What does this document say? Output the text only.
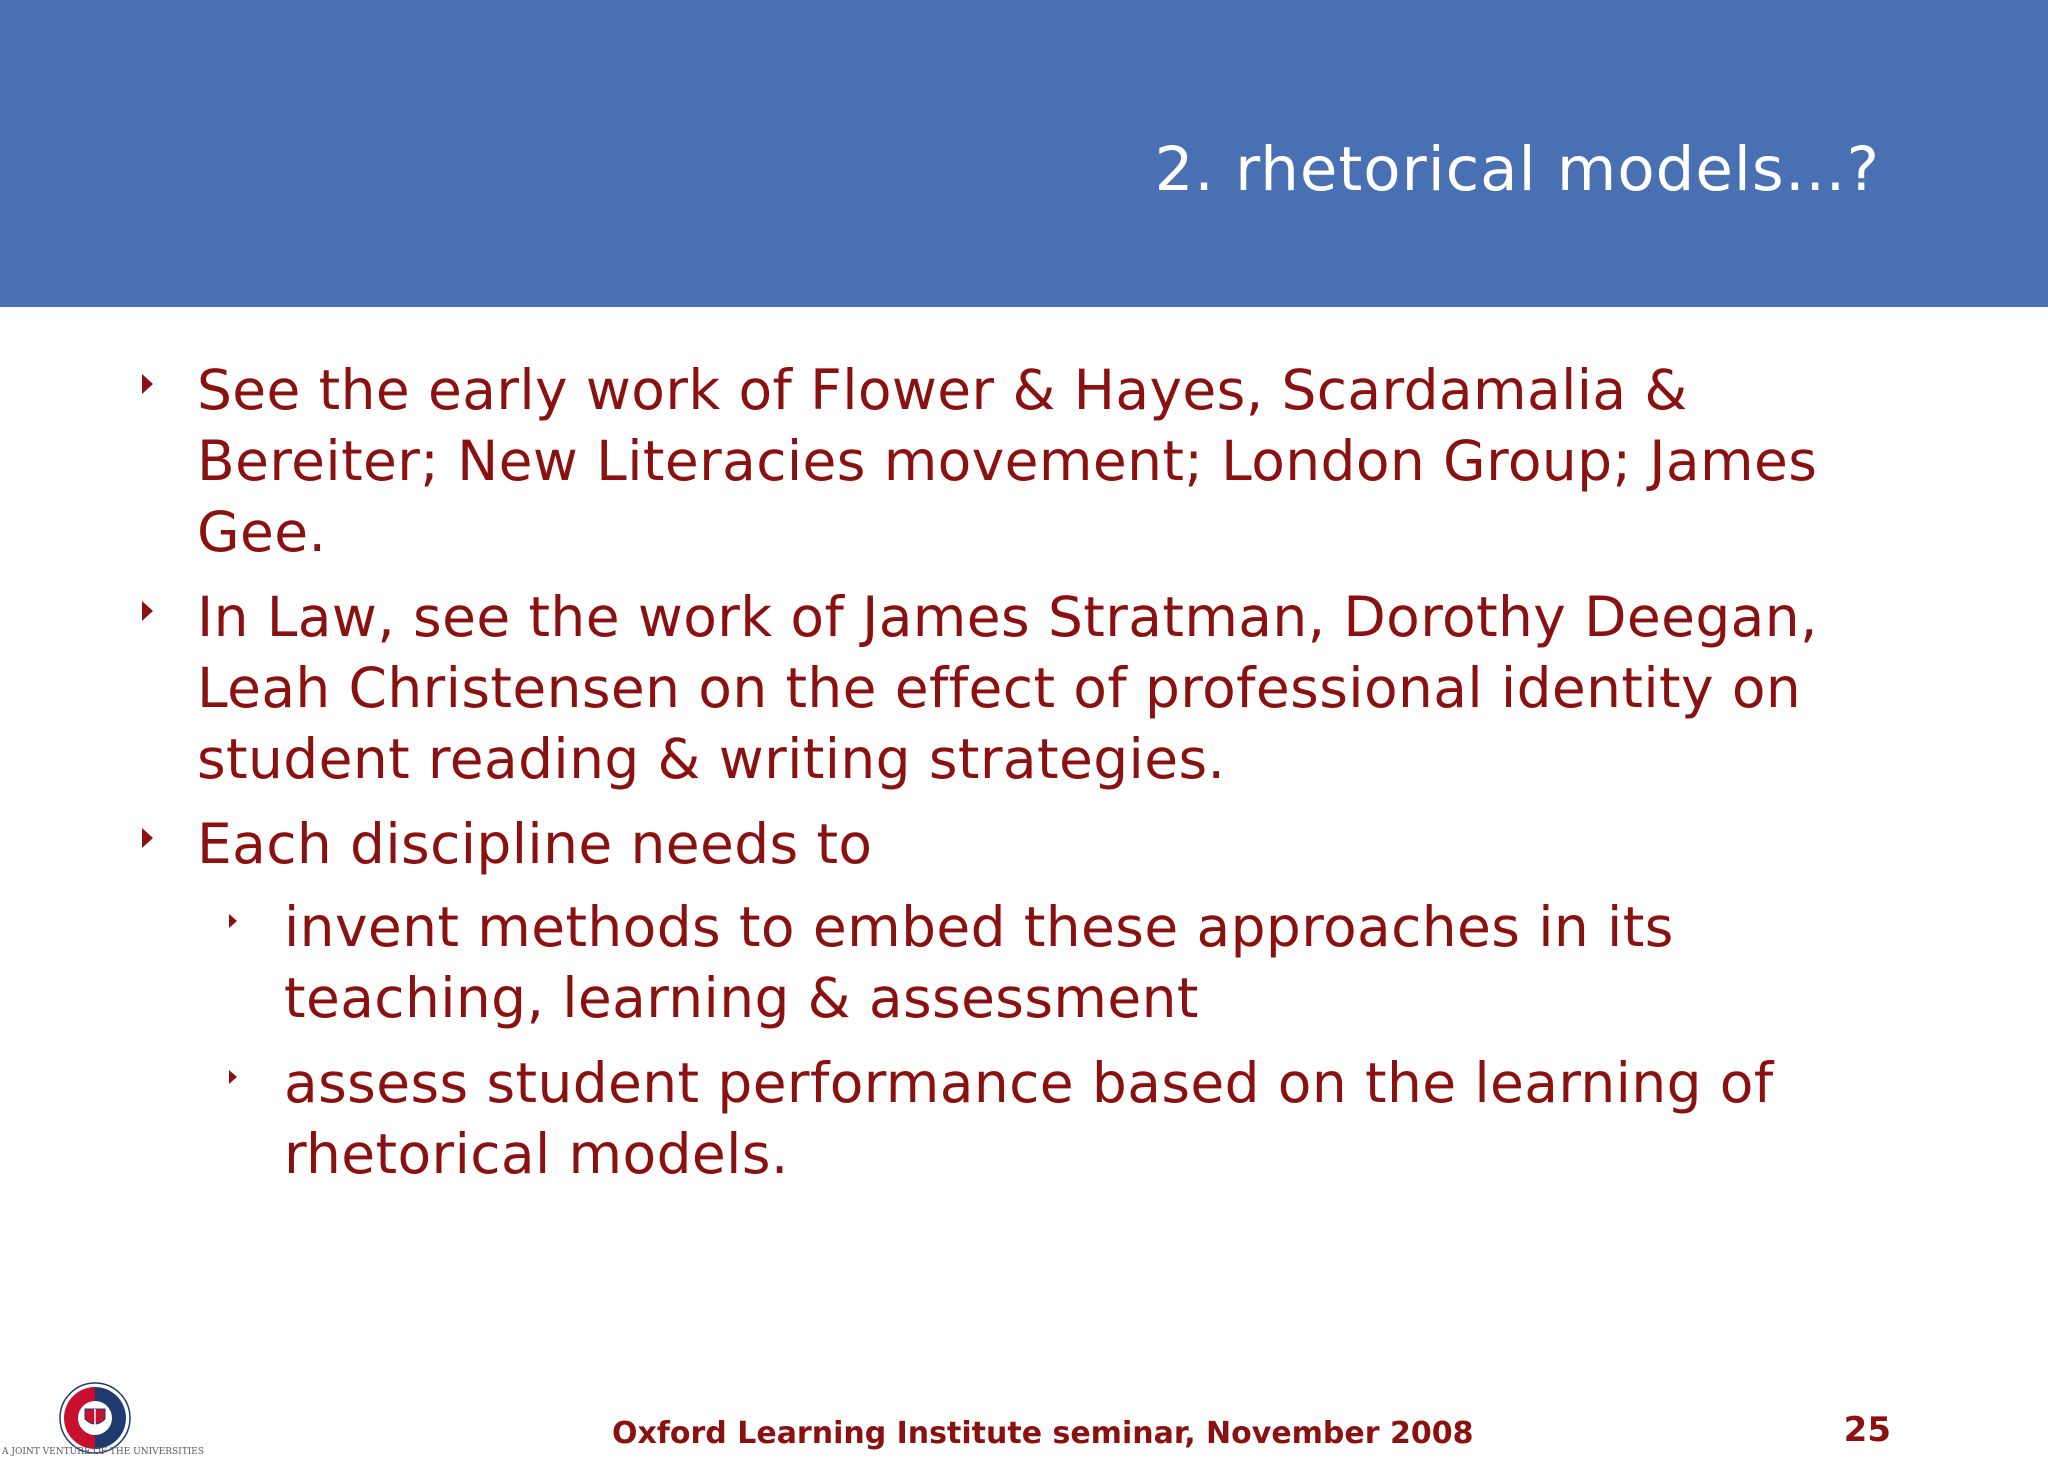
2. rhetorical models…?
See the early work of Flower & Hayes, Scardamalia & Bereiter; New Literacies movement; London Group; James Gee.
In Law, see the work of James Stratman, Dorothy Deegan, Leah Christensen on the effect of professional identity on student reading & writing strategies.
Each discipline needs to
invent methods to embed these approaches in its teaching, learning & assessment
assess student performance based on the learning of rhetorical models.
A JOINT VENTURE OF THE UNIVERSITIES
Oxford Learning Institute seminar, November 2008	25
